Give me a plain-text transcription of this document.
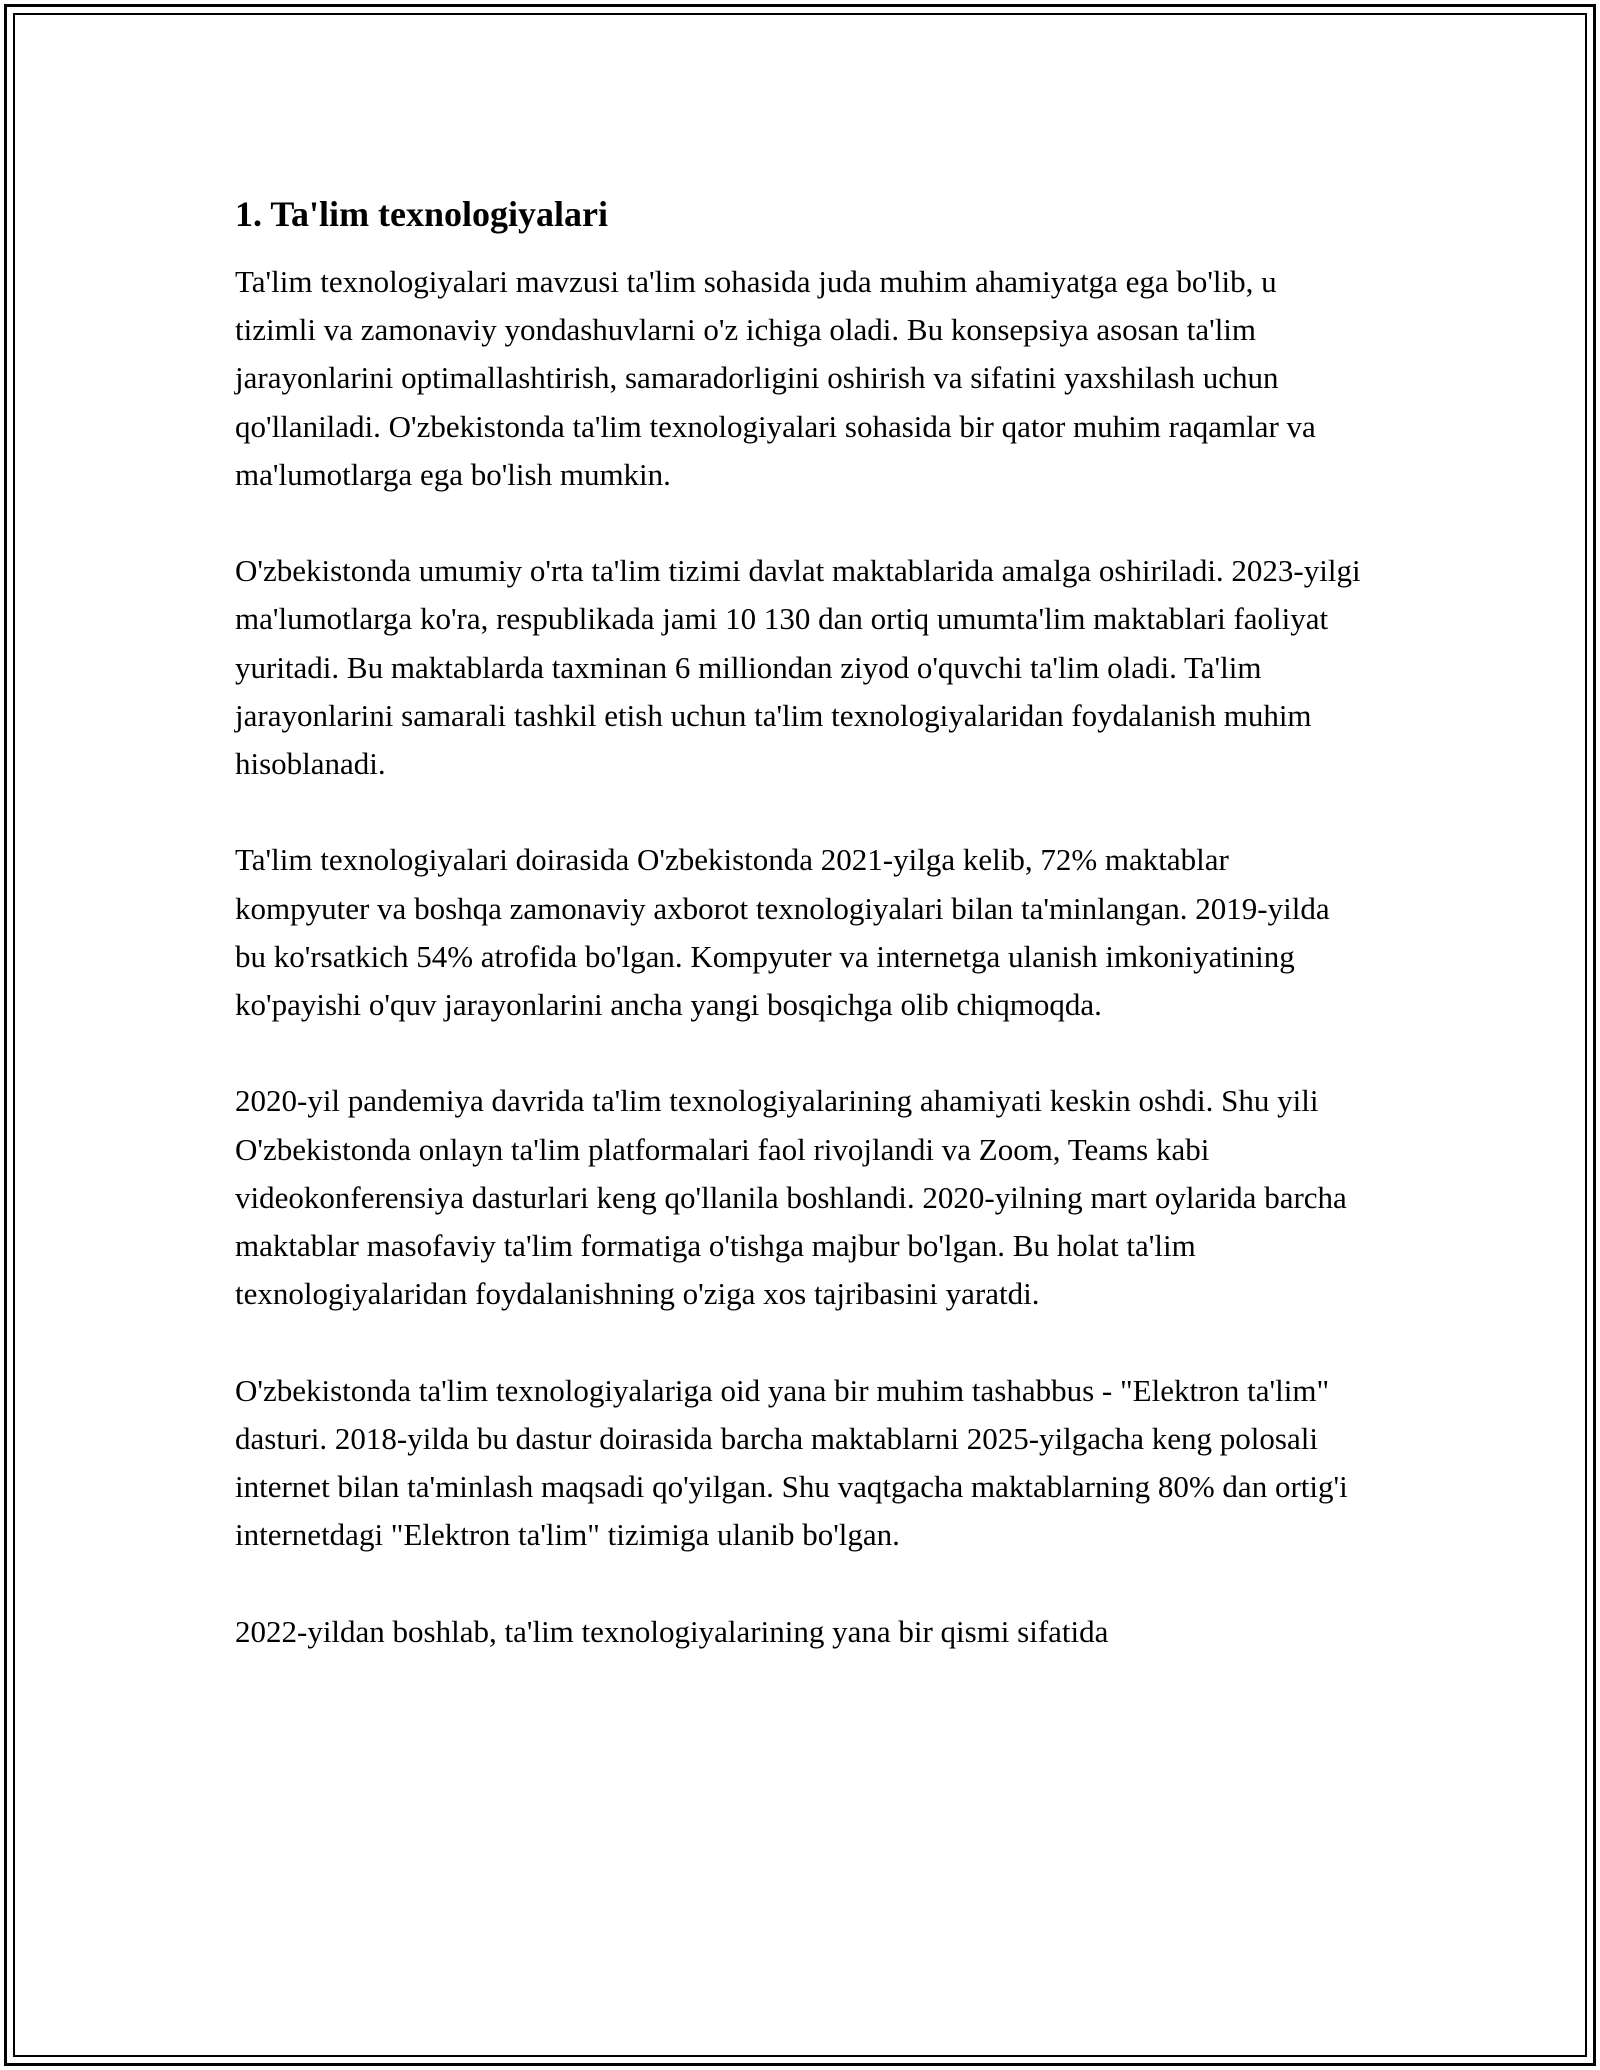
1. Ta'lim texnologiyalari

Ta'lim texnologiyalari mavzusi ta'lim sohasida juda muhim ahamiyatga ega bo'lib, u tizimli va zamonaviy yondashuvlarni o'z ichiga oladi. Bu konsepsiya asosan ta'lim jarayonlarini optimallashtirish, samaradorligini oshirish va sifatini yaxshilash uchun qo'llaniladi. O'zbekistonda ta'lim texnologiyalari sohasida bir qator muhim raqamlar va ma'lumotlarga ega bo'lish mumkin.

O'zbekistonda umumiy o'rta ta'lim tizimi davlat maktablarida amalga oshiriladi. 2023-yilgi ma'lumotlarga ko'ra, respublikada jami 10 130 dan ortiq umumta'lim maktablari faoliyat yuritadi. Bu maktablarda taxminan 6 milliondan ziyod o'quvchi ta'lim oladi. Ta'lim jarayonlarini samarali tashkil etish uchun ta'lim texnologiyalaridan foydalanish muhim hisoblanadi.

Ta'lim texnologiyalari doirasida O'zbekistonda 2021-yilga kelib, 72% maktablar kompyuter va boshqa zamonaviy axborot texnologiyalari bilan ta'minlangan. 2019-yilda bu ko'rsatkich 54% atrofida bo'lgan. Kompyuter va internetga ulanish imkoniyatining ko'payishi o'quv jarayonlarini ancha yangi bosqichga olib chiqmoqda.

2020-yil pandemiya davrida ta'lim texnologiyalarining ahamiyati keskin oshdi. Shu yili O'zbekistonda onlayn ta'lim platformalari faol rivojlandi va Zoom, Teams kabi videokonferensiya dasturlari keng qo'llanila boshlandi. 2020-yilning mart oylarida barcha maktablar masofaviy ta'lim formatiga o'tishga majbur bo'lgan. Bu holat ta'lim texnologiyalaridan foydalanishning o'ziga xos tajribasini yaratdi.

O'zbekistonda ta'lim texnologiyalariga oid yana bir muhim tashabbus - "Elektron ta'lim" dasturi. 2018-yilda bu dastur doirasida barcha maktablarni 2025-yilgacha keng polosali internet bilan ta'minlash maqsadi qo'yilgan. Shu vaqtgacha maktablarning 80% dan ortig'i internetdagi "Elektron ta'lim" tizimiga ulanib bo'lgan.

2022-yildan boshlab, ta'lim texnologiyalarining yana bir qismi sifatida
